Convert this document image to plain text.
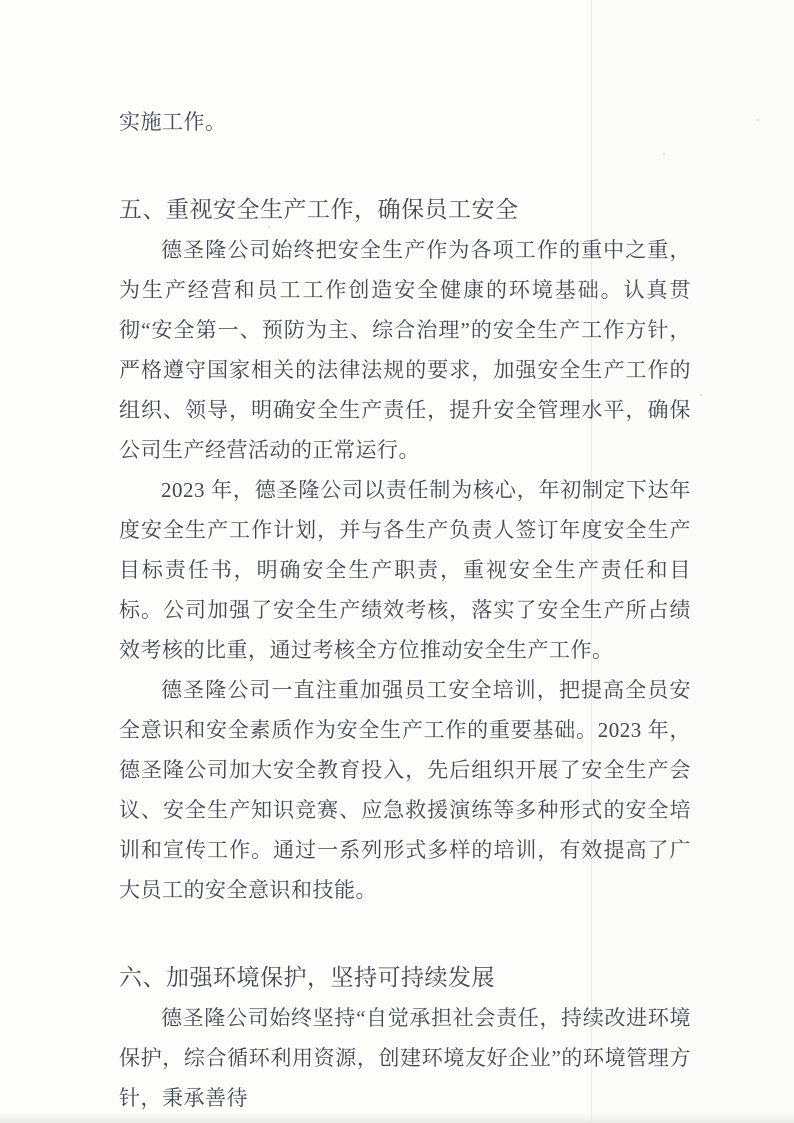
实施工作。

五、重视安全生产工作，确保员工安全

德圣隆公司始终把安全生产作为各项工作的重中之重，为生产经营和员工工作创造安全健康的环境基础。认真贯彻“安全第一、预防为主、综合治理”的安全生产工作方针，严格遵守国家相关的法律法规的要求，加强安全生产工作的组织、领导，明确安全生产责任，提升安全管理水平，确保公司生产经营活动的正常运行。

2023 年，德圣隆公司以责任制为核心，年初制定下达年度安全生产工作计划，并与各生产负责人签订年度安全生产目标责任书，明确安全生产职责，重视安全生产责任和目标。公司加强了安全生产绩效考核，落实了安全生产所占绩效考核的比重，通过考核全方位推动安全生产工作。

德圣隆公司一直注重加强员工安全培训，把提高全员安全意识和安全素质作为安全生产工作的重要基础。2023 年，德圣隆公司加大安全教育投入，先后组织开展了安全生产会议、安全生产知识竞赛、应急救援演练等多种形式的安全培训和宣传工作。通过一系列形式多样的培训，有效提高了广大员工的安全意识和技能。

六、加强环境保护，坚持可持续发展

德圣隆公司始终坚持“自觉承担社会责任，持续改进环境保护，综合循环利用资源，创建环境友好企业”的环境管理方针，秉承善待
